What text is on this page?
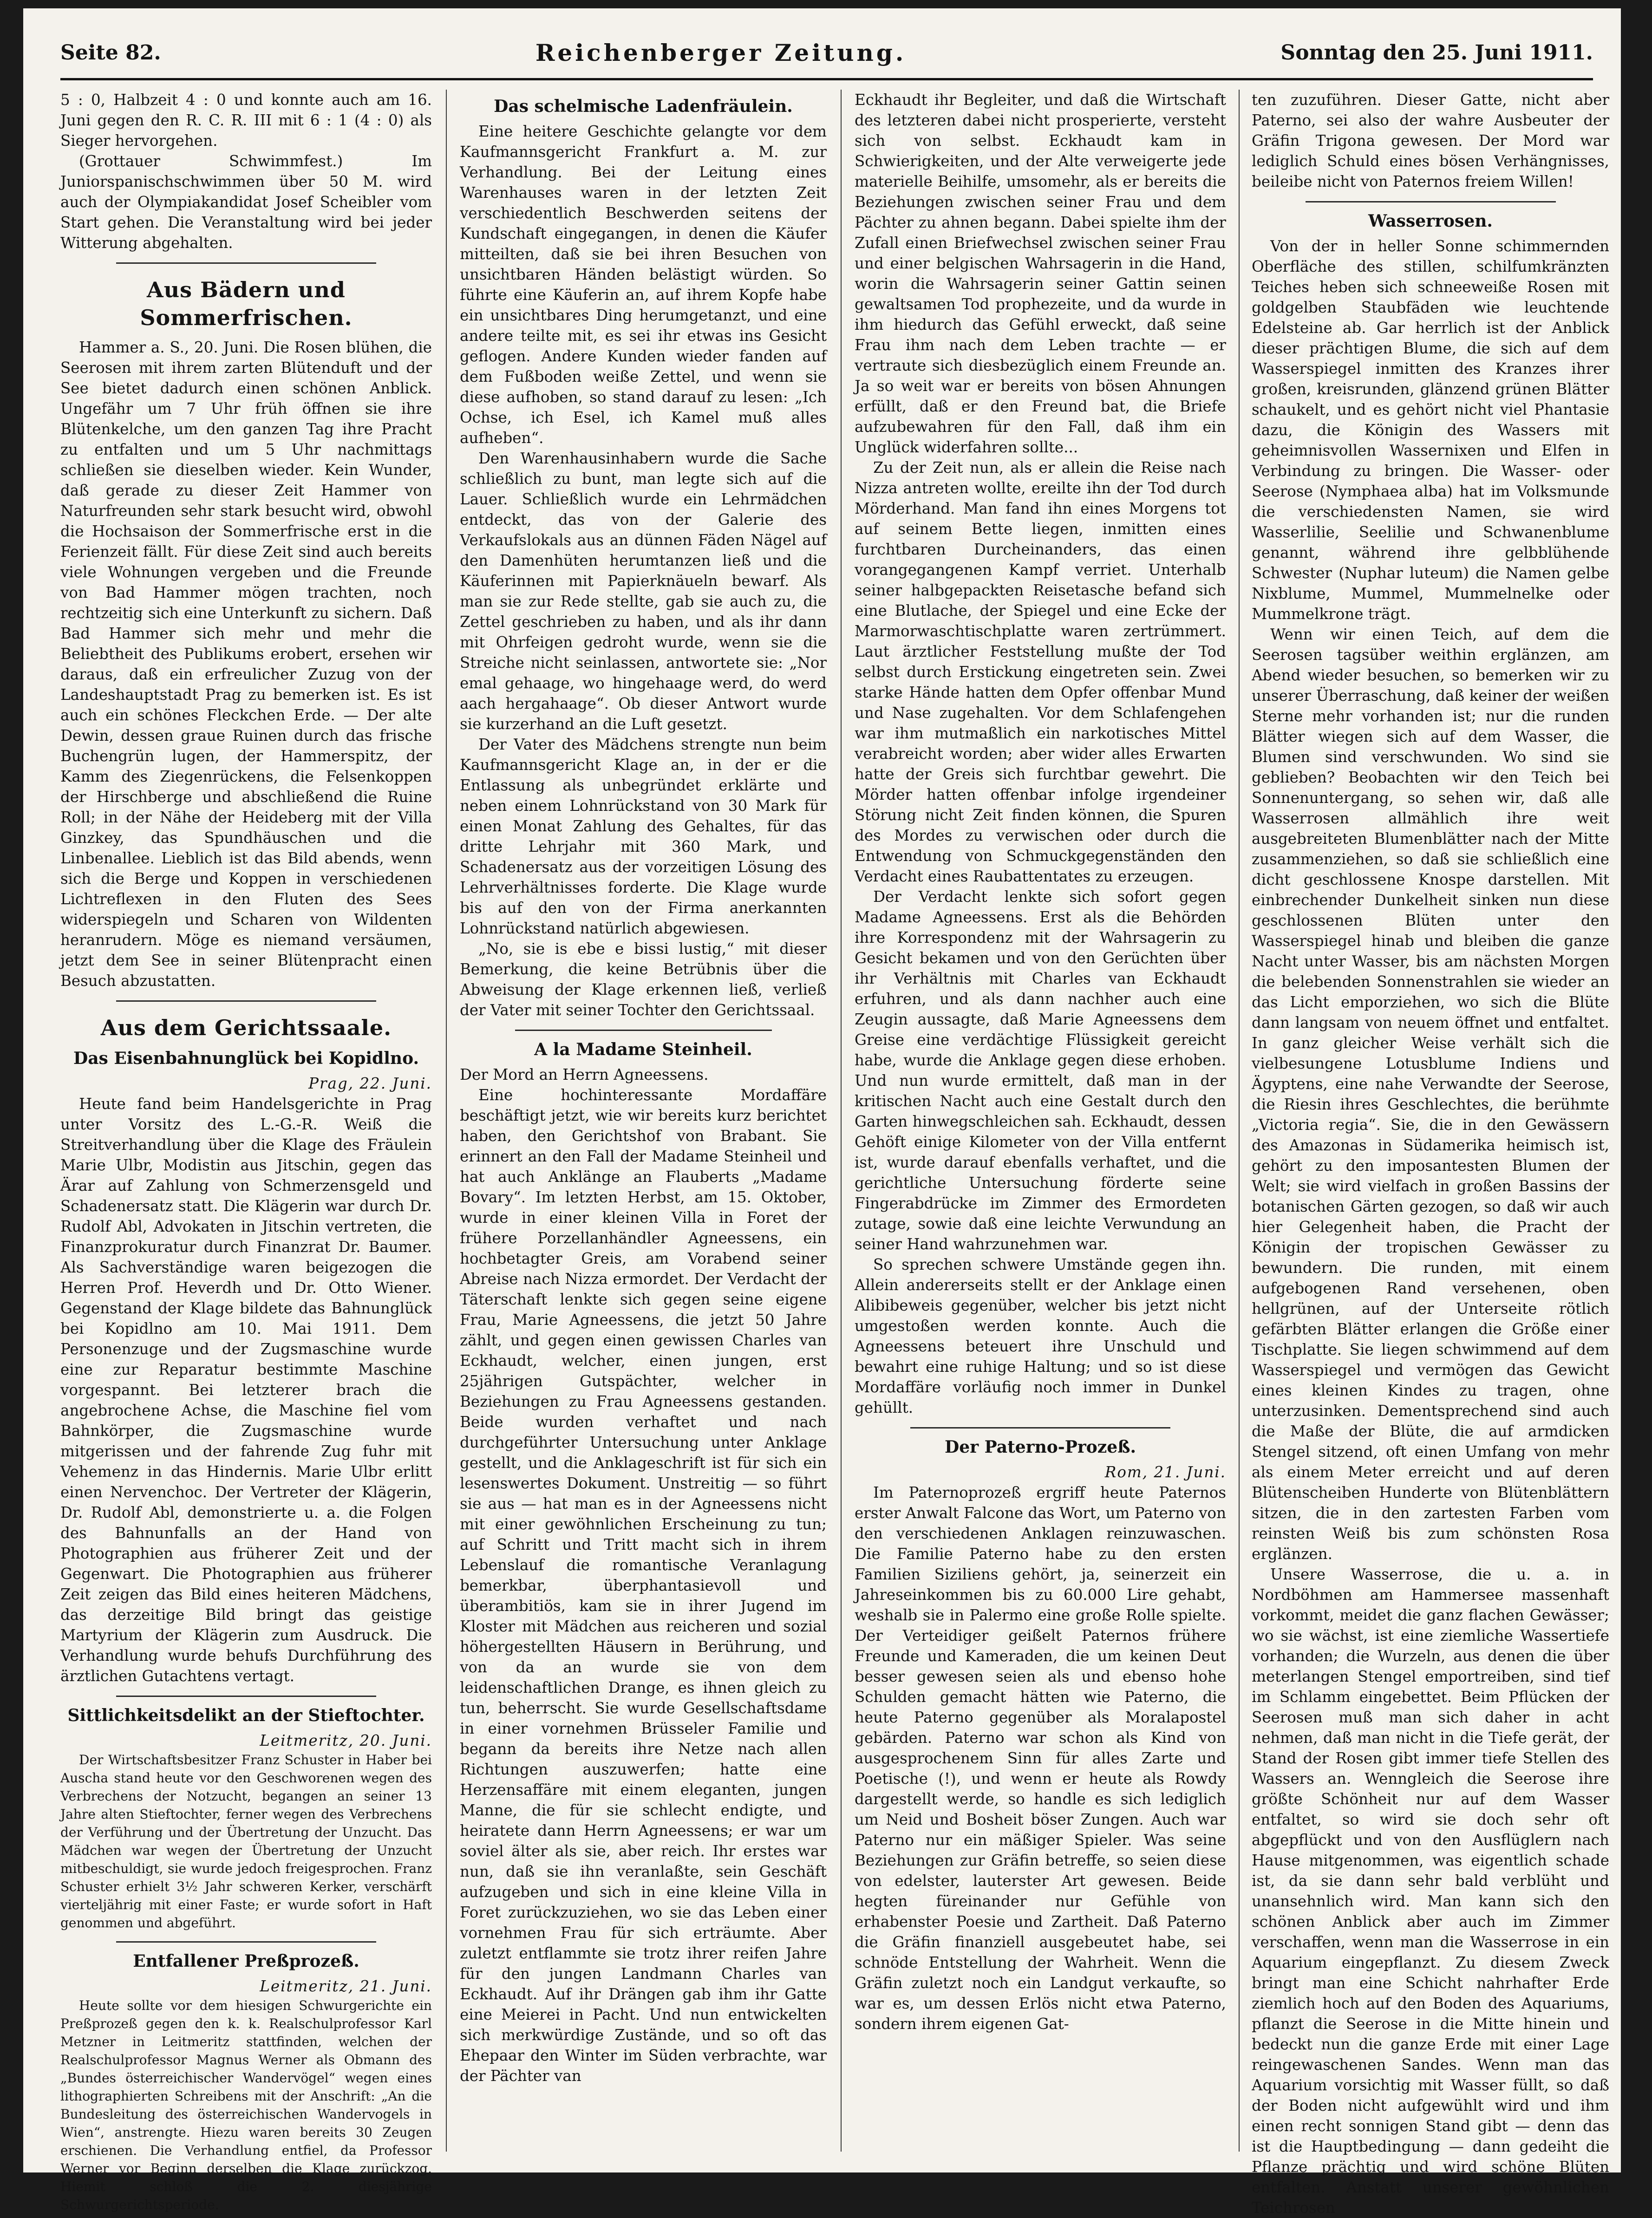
Seite 82.	Reichenberger Zeitung.	Sonntag den 25. Juni 1911.

5 : 0, Halbzeit 4 : 0 und konnte auch am 16. Juni gegen den R. C. R. III mit 6 : 1 (4 : 0) als Sieger hervorgehen.

(Grottauer Schwimmfest.) Im Juniorspanischschwimmen über 50 M. wird auch der Olympiakandidat Josef Scheibler vom Start gehen. Die Veranstaltung wird bei jeder Witterung abgehalten.

Aus Bädern und Sommerfrischen.

Hammer a. S., 20. Juni. Die Rosen blühen, die Seerosen mit ihrem zarten Blütenduft und der See bietet dadurch einen schönen Anblick. Ungefähr um 7 Uhr früh öffnen sie ihre Blütenkelche, um den ganzen Tag ihre Pracht zu entfalten und um 5 Uhr nachmittags schließen sie dieselben wieder. Kein Wunder, daß gerade zu dieser Zeit Hammer von Naturfreunden sehr stark besucht wird, obwohl die Hochsaison der Sommerfrische erst in die Ferienzeit fällt. Für diese Zeit sind auch bereits viele Wohnungen vergeben und die Freunde von Bad Hammer mögen trachten, noch rechtzeitig sich eine Unterkunft zu sichern. Daß Bad Hammer sich mehr und mehr die Beliebtheit des Publikums erobert, ersehen wir daraus, daß ein erfreulicher Zuzug von der Landeshauptstadt Prag zu bemerken ist. Es ist auch ein schönes Fleckchen Erde. — Der alte Dewin, dessen graue Ruinen durch das frische Buchengrün lugen, der Hammerspitz, der Kamm des Ziegenrückens, die Felsenkoppen der Hirschberge und abschließend die Ruine Roll; in der Nähe der Heideberg mit der Villa Ginzkey, das Spundhäuschen und die Linbenallee. Lieblich ist das Bild abends, wenn sich die Berge und Koppen in verschiedenen Lichtreflexen in den Fluten des Sees widerspiegeln und Scharen von Wildenten heranrudern. Möge es niemand versäumen, jetzt dem See in seiner Blütenpracht einen Besuch abzustatten.

Aus dem Gerichtssaale.
Das Eisenbahnunglück bei Kopidlno.

Prag, 22. Juni.

Heute fand beim Handelsgerichte in Prag unter Vorsitz des L.-G.-R. Weiß die Streitverhandlung über die Klage des Fräulein Marie Ulbr, Modistin aus Jitschin, gegen das Ärar auf Zahlung von Schmerzensgeld und Schadenersatz statt. Die Klägerin war durch Dr. Rudolf Abl, Advokaten in Jitschin vertreten, die Finanzprokuratur durch Finanzrat Dr. Baumer. Als Sachverständige waren beigezogen die Herren Prof. Heverdh und Dr. Otto Wiener. Gegenstand der Klage bildete das Bahnunglück bei Kopidlno am 10. Mai 1911. Dem Personenzuge und der Zugsmaschine wurde eine zur Reparatur bestimmte Maschine vorgespannt. Bei letzterer brach die angebrochene Achse, die Maschine fiel vom Bahnkörper, die Zugsmaschine wurde mitgerissen und der fahrende Zug fuhr mit Vehemenz in das Hindernis. Marie Ulbr erlitt einen Nervenchoc. Der Vertreter der Klägerin, Dr. Rudolf Abl, demonstrierte u. a. die Folgen des Bahnunfalls an der Hand von Photographien aus früherer Zeit und der Gegenwart. Die Photographien aus früherer Zeit zeigen das Bild eines heiteren Mädchens, das derzeitige Bild bringt das geistige Martyrium der Klägerin zum Ausdruck. Die Verhandlung wurde behufs Durchführung des ärztlichen Gutachtens vertagt.

Sittlichkeitsdelikt an der Stieftochter.

Leitmeritz, 20. Juni.

Der Wirtschaftsbesitzer Franz Schuster in Haber bei Auscha stand heute vor den Geschworenen wegen des Verbrechens der Notzucht, begangen an seiner 13 Jahre alten Stieftochter, ferner wegen des Verbrechens der Verführung und der Übertretung der Unzucht. Das Mädchen war wegen der Übertretung der Unzucht mitbeschuldigt, sie wurde jedoch freigesprochen. Franz Schuster erhielt 3½ Jahr schweren Kerker, verschärft vierteljährig mit einer Faste; er wurde sofort in Haft genommen und abgeführt.

Entfallener Preßprozeß.

Leitmeritz, 21. Juni.

Heute sollte vor dem hiesigen Schwurgerichte ein Preßprozeß gegen den k. k. Realschulprofessor Karl Metzner in Leitmeritz stattfinden, welchen der Realschulprofessor Magnus Werner als Obmann des „Bundes österreichischer Wandervögel“ wegen eines lithographierten Schreibens mit der Anschrift: „An die Bundesleitung des österreichischen Wandervogels in Wien“, anstrengte. Hiezu waren bereits 30 Zeugen erschienen. Die Verhandlung entfiel, da Professor Werner vor Beginn derselben die Klage zurückzog. Hiemit schloß die 2. diesjährige Schwurgerichtsperiode.

Das schelmische Ladenfräulein.

Eine heitere Geschichte gelangte vor dem Kaufmannsgericht Frankfurt a. M. zur Verhandlung. Bei der Leitung eines Warenhauses waren in der letzten Zeit verschiedentlich Beschwerden seitens der Kundschaft eingegangen, in denen die Käufer mitteilten, daß sie bei ihren Besuchen von unsichtbaren Händen belästigt würden. So führte eine Käuferin an, auf ihrem Kopfe habe ein unsichtbares Ding herumgetanzt, und eine andere teilte mit, es sei ihr etwas ins Gesicht geflogen. Andere Kunden wieder fanden auf dem Fußboden weiße Zettel, und wenn sie diese aufhoben, so stand darauf zu lesen: „Ich Ochse, ich Esel, ich Kamel muß alles aufheben“.

Den Warenhausinhabern wurde die Sache schließlich zu bunt, man legte sich auf die Lauer. Schließlich wurde ein Lehrmädchen entdeckt, das von der Galerie des Verkaufslokals aus an dünnen Fäden Nägel auf den Damenhüten herumtanzen ließ und die Käuferinnen mit Papierknäueln bewarf. Als man sie zur Rede stellte, gab sie auch zu, die Zettel geschrieben zu haben, und als ihr dann mit Ohrfeigen gedroht wurde, wenn sie die Streiche nicht seinlassen, antwortete sie: „Nor emal gehaage, wo hingehaage werd, do werd aach hergahaage“. Ob dieser Antwort wurde sie kurzerhand an die Luft gesetzt.

Der Vater des Mädchens strengte nun beim Kaufmannsgericht Klage an, in der er die Entlassung als unbegründet erklärte und neben einem Lohnrückstand von 30 Mark für einen Monat Zahlung des Gehaltes, für das dritte Lehrjahr mit 360 Mark, und Schadenersatz aus der vorzeitigen Lösung des Lehrverhältnisses forderte. Die Klage wurde bis auf den von der Firma anerkannten Lohnrückstand natürlich abgewiesen.

„No, sie is ebe e bissi lustig,“ mit dieser Bemerkung, die keine Betrübnis über die Abweisung der Klage erkennen ließ, verließ der Vater mit seiner Tochter den Gerichtssaal.

A la Madame Steinheil.

Der Mord an Herrn Agneessens.

Eine hochinteressante Mordaffäre beschäftigt jetzt, wie wir bereits kurz berichtet haben, den Gerichtshof von Brabant. Sie erinnert an den Fall der Madame Steinheil und hat auch Anklänge an Flauberts „Madame Bovary“. Im letzten Herbst, am 15. Oktober, wurde in einer kleinen Villa in Foret der frühere Porzellanhändler Agneessens, ein hochbetagter Greis, am Vorabend seiner Abreise nach Nizza ermordet. Der Verdacht der Täterschaft lenkte sich gegen seine eigene Frau, Marie Agneessens, die jetzt 50 Jahre zählt, und gegen einen gewissen Charles van Eckhaudt, welcher, einen jungen, erst 25jährigen Gutspächter, welcher in Beziehungen zu Frau Agneessens gestanden. Beide wurden verhaftet und nach durchgeführter Untersuchung unter Anklage gestellt, und die Anklageschrift ist für sich ein lesenswertes Dokument. Unstreitig — so führt sie aus — hat man es in der Agneessens nicht mit einer gewöhnlichen Erscheinung zu tun; auf Schritt und Tritt macht sich in ihrem Lebenslauf die romantische Veranlagung bemerkbar, überphantasievoll und überambitiös, kam sie in ihrer Jugend im Kloster mit Mädchen aus reicheren und sozial höhergestellten Häusern in Berührung, und von da an wurde sie von dem leidenschaftlichen Drange, es ihnen gleich zu tun, beherrscht. Sie wurde Gesellschaftsdame in einer vornehmen Brüsseler Familie und begann da bereits ihre Netze nach allen Richtungen auszuwerfen; hatte eine Herzensaffäre mit einem eleganten, jungen Manne, die für sie schlecht endigte, und heiratete dann Herrn Agneessens; er war um soviel älter als sie, aber reich. Ihr erstes war nun, daß sie ihn veranlaßte, sein Geschäft aufzugeben und sich in eine kleine Villa in Foret zurückzuziehen, wo sie das Leben einer vornehmen Frau für sich erträumte. Aber zuletzt entflammte sie trotz ihrer reifen Jahre für den jungen Landmann Charles van Eckhaudt. Auf ihr Drängen gab ihm ihr Gatte eine Meierei in Pacht. Und nun entwickelten sich merkwürdige Zustände, und so oft das Ehepaar den Winter im Süden verbrachte, war der Pächter van

Eckhaudt ihr Begleiter, und daß die Wirtschaft des letzteren dabei nicht prosperierte, versteht sich von selbst. Eckhaudt kam in Schwierigkeiten, und der Alte verweigerte jede materielle Beihilfe, umsomehr, als er bereits die Beziehungen zwischen seiner Frau und dem Pächter zu ahnen begann. Dabei spielte ihm der Zufall einen Briefwechsel zwischen seiner Frau und einer belgischen Wahrsagerin in die Hand, worin die Wahrsagerin seiner Gattin seinen gewaltsamen Tod prophezeite, und da wurde in ihm hiedurch das Gefühl erweckt, daß seine Frau ihm nach dem Leben trachte — er vertraute sich diesbezüglich einem Freunde an. Ja so weit war er bereits von bösen Ahnungen erfüllt, daß er den Freund bat, die Briefe aufzubewahren für den Fall, daß ihm ein Unglück widerfahren sollte...

Zu der Zeit nun, als er allein die Reise nach Nizza antreten wollte, ereilte ihn der Tod durch Mörderhand. Man fand ihn eines Morgens tot auf seinem Bette liegen, inmitten eines furchtbaren Durcheinanders, das einen vorangegangenen Kampf verriet. Unterhalb seiner halbgepackten Reisetasche befand sich eine Blutlache, der Spiegel und eine Ecke der Marmorwaschtischplatte waren zertrümmert. Laut ärztlicher Feststellung mußte der Tod selbst durch Erstickung eingetreten sein. Zwei starke Hände hatten dem Opfer offenbar Mund und Nase zugehalten. Vor dem Schlafengehen war ihm mutmaßlich ein narkotisches Mittel verabreicht worden; aber wider alles Erwarten hatte der Greis sich furchtbar gewehrt. Die Mörder hatten offenbar infolge irgendeiner Störung nicht Zeit finden können, die Spuren des Mordes zu verwischen oder durch die Entwendung von Schmuckgegenständen den Verdacht eines Raubattentates zu erzeugen.

Der Verdacht lenkte sich sofort gegen Madame Agneessens. Erst als die Behörden ihre Korrespondenz mit der Wahrsagerin zu Gesicht bekamen und von den Gerüchten über ihr Verhältnis mit Charles van Eckhaudt erfuhren, und als dann nachher auch eine Zeugin aussagte, daß Marie Agneessens dem Greise eine verdächtige Flüssigkeit gereicht habe, wurde die Anklage gegen diese erhoben. Und nun wurde ermittelt, daß man in der kritischen Nacht auch eine Gestalt durch den Garten hinwegschleichen sah. Eckhaudt, dessen Gehöft einige Kilometer von der Villa entfernt ist, wurde darauf ebenfalls verhaftet, und die gerichtliche Untersuchung förderte seine Fingerabdrücke im Zimmer des Ermordeten zutage, sowie daß eine leichte Verwundung an seiner Hand wahrzunehmen war.

So sprechen schwere Umstände gegen ihn. Allein andererseits stellt er der Anklage einen Alibibeweis gegenüber, welcher bis jetzt nicht umgestoßen werden konnte. Auch die Agneessens beteuert ihre Unschuld und bewahrt eine ruhige Haltung; und so ist diese Mordaffäre vorläufig noch immer in Dunkel gehüllt.

Der Paterno-Prozeß.

Rom, 21. Juni.

Im Paternoprozeß ergriff heute Paternos erster Anwalt Falcone das Wort, um Paterno von den verschiedenen Anklagen reinzuwaschen. Die Familie Paterno habe zu den ersten Familien Siziliens gehört, ja, seinerzeit ein Jahreseinkommen bis zu 60.000 Lire gehabt, weshalb sie in Palermo eine große Rolle spielte. Der Verteidiger geißelt Paternos frühere Freunde und Kameraden, die um keinen Deut besser gewesen seien als und ebenso hohe Schulden gemacht hätten wie Paterno, die heute Paterno gegenüber als Moralapostel gebärden. Paterno war schon als Kind von ausgesprochenem Sinn für alles Zarte und Poetische (!), und wenn er heute als Rowdy dargestellt werde, so handle es sich lediglich um Neid und Bosheit böser Zungen. Auch war Paterno nur ein mäßiger Spieler. Was seine Beziehungen zur Gräfin betreffe, so seien diese von edelster, lauterster Art gewesen. Beide hegten füreinander nur Gefühle von erhabenster Poesie und Zartheit. Daß Paterno die Gräfin finanziell ausgebeutet habe, sei schnöde Entstellung der Wahrheit. Wenn die Gräfin zuletzt noch ein Landgut verkaufte, so war es, um dessen Erlös nicht etwa Paterno, sondern ihrem eigenen Gat-

ten zuzuführen. Dieser Gatte, nicht aber Paterno, sei also der wahre Ausbeuter der Gräfin Trigona gewesen. Der Mord war lediglich Schuld eines bösen Verhängnisses, beileibe nicht von Paternos freiem Willen!

Wasserrosen.

Von der in heller Sonne schimmernden Oberfläche des stillen, schilfumkränzten Teiches heben sich schneeweiße Rosen mit goldgelben Staubfäden wie leuchtende Edelsteine ab. Gar herrlich ist der Anblick dieser prächtigen Blume, die sich auf dem Wasserspiegel inmitten des Kranzes ihrer großen, kreisrunden, glänzend grünen Blätter schaukelt, und es gehört nicht viel Phantasie dazu, die Königin des Wassers mit geheimnisvollen Wassernixen und Elfen in Verbindung zu bringen. Die Wasser- oder Seerose (Nymphaea alba) hat im Volksmunde die verschiedensten Namen, sie wird Wasserlilie, Seelilie und Schwanenblume genannt, während ihre gelbblühende Schwester (Nuphar luteum) die Namen gelbe Nixblume, Mummel, Mummelnelke oder Mummelkrone trägt.

Wenn wir einen Teich, auf dem die Seerosen tagsüber weithin erglänzen, am Abend wieder besuchen, so bemerken wir zu unserer Überraschung, daß keiner der weißen Sterne mehr vorhanden ist; nur die runden Blätter wiegen sich auf dem Wasser, die Blumen sind verschwunden. Wo sind sie geblieben? Beobachten wir den Teich bei Sonnenuntergang, so sehen wir, daß alle Wasserrosen allmählich ihre weit ausgebreiteten Blumenblätter nach der Mitte zusammenziehen, so daß sie schließlich eine dicht geschlossene Knospe darstellen. Mit einbrechender Dunkelheit sinken nun diese geschlossenen Blüten unter den Wasserspiegel hinab und bleiben die ganze Nacht unter Wasser, bis am nächsten Morgen die belebenden Sonnenstrahlen sie wieder an das Licht emporziehen, wo sich die Blüte dann langsam von neuem öffnet und entfaltet. In ganz gleicher Weise verhält sich die vielbesungene Lotusblume Indiens und Ägyptens, eine nahe Verwandte der Seerose, die Riesin ihres Geschlechtes, die berühmte „Victoria regia“. Sie, die in den Gewässern des Amazonas in Südamerika heimisch ist, gehört zu den imposantesten Blumen der Welt; sie wird vielfach in großen Bassins der botanischen Gärten gezogen, so daß wir auch hier Gelegenheit haben, die Pracht der Königin der tropischen Gewässer zu bewundern. Die runden, mit einem aufgebogenen Rand versehenen, oben hellgrünen, auf der Unterseite rötlich gefärbten Blätter erlangen die Größe einer Tischplatte. Sie liegen schwimmend auf dem Wasserspiegel und vermögen das Gewicht eines kleinen Kindes zu tragen, ohne unterzusinken. Dementsprechend sind auch die Maße der Blüte, die auf armdicken Stengel sitzend, oft einen Umfang von mehr als einem Meter erreicht und auf deren Blütenscheiben Hunderte von Blütenblättern sitzen, die in den zartesten Farben vom reinsten Weiß bis zum schönsten Rosa erglänzen.

Unsere Wasserrose, die u. a. in Nordböhmen am Hammersee massenhaft vorkommt, meidet die ganz flachen Gewässer; wo sie wächst, ist eine ziemliche Wassertiefe vorhanden; die Wurzeln, aus denen die über meterlangen Stengel emportreiben, sind tief im Schlamm eingebettet. Beim Pflücken der Seerosen muß man sich daher in acht nehmen, daß man nicht in die Tiefe gerät, der Stand der Rosen gibt immer tiefe Stellen des Wassers an. Wenngleich die Seerose ihre größte Schönheit nur auf dem Wasser entfaltet, so wird sie doch sehr oft abgepflückt und von den Ausflüglern nach Hause mitgenommen, was eigentlich schade ist, da sie dann sehr bald verblüht und unansehnlich wird. Man kann sich den schönen Anblick aber auch im Zimmer verschaffen, wenn man die Wasserrose in ein Aquarium eingepflanzt. Zu diesem Zweck bringt man eine Schicht nahrhafter Erde ziemlich hoch auf den Boden des Aquariums, pflanzt die Seerose in die Mitte hinein und bedeckt nun die ganze Erde mit einer Lage reingewaschenen Sandes. Wenn man das Aquarium vorsichtig mit Wasser füllt, so daß der Boden nicht aufgewühlt wird und ihm einen recht sonnigen Stand gibt — denn das ist die Hauptbedingung — dann gedeiht die Pflanze prächtig und wird schöne Blüten entfalten. Anstatt unserer gewöhnlichen Teichrosen
